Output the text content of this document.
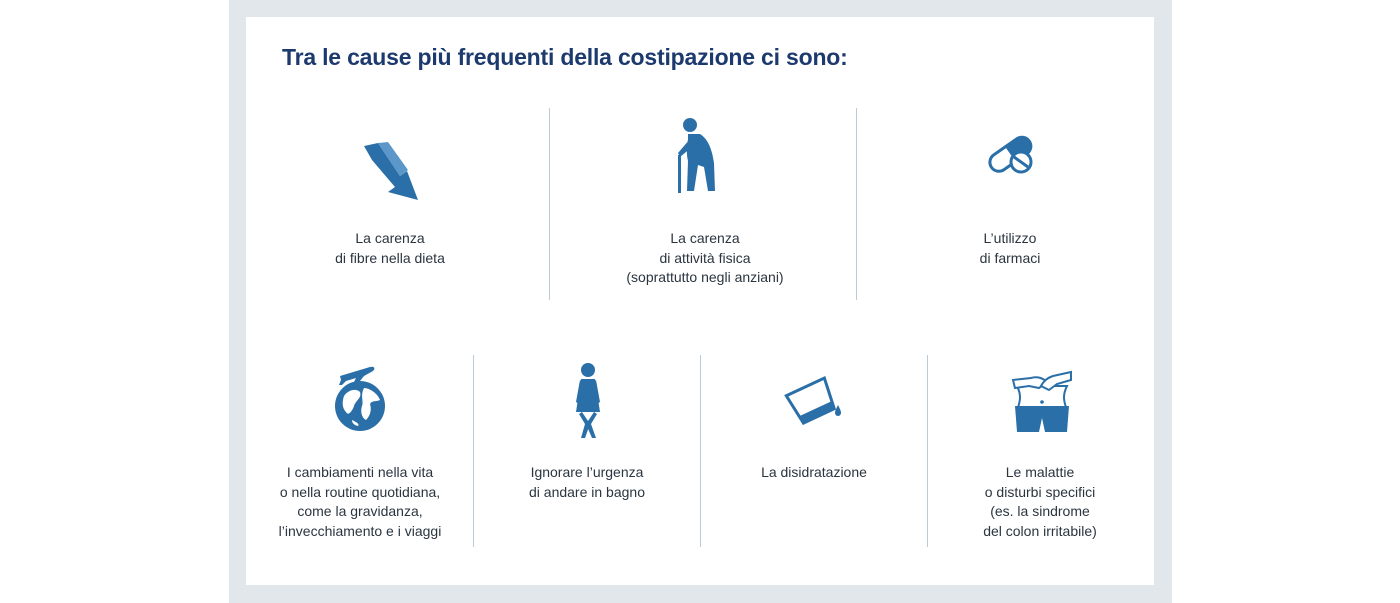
Tra le cause più frequenti della costipazione ci sono:
La carenza
di fibre nella dieta
La carenza
di attività fisica
(soprattutto negli anziani)
L’utilizzo
di farmaci
I cambiamenti nella vita
o nella routine quotidiana,
come la gravidanza,
l’invecchiamento e i viaggi
Ignorare l’urgenza
di andare in bagno
La disidratazione	Le malattie
o disturbi specifici
(es. la sindrome
del colon irritabile)
